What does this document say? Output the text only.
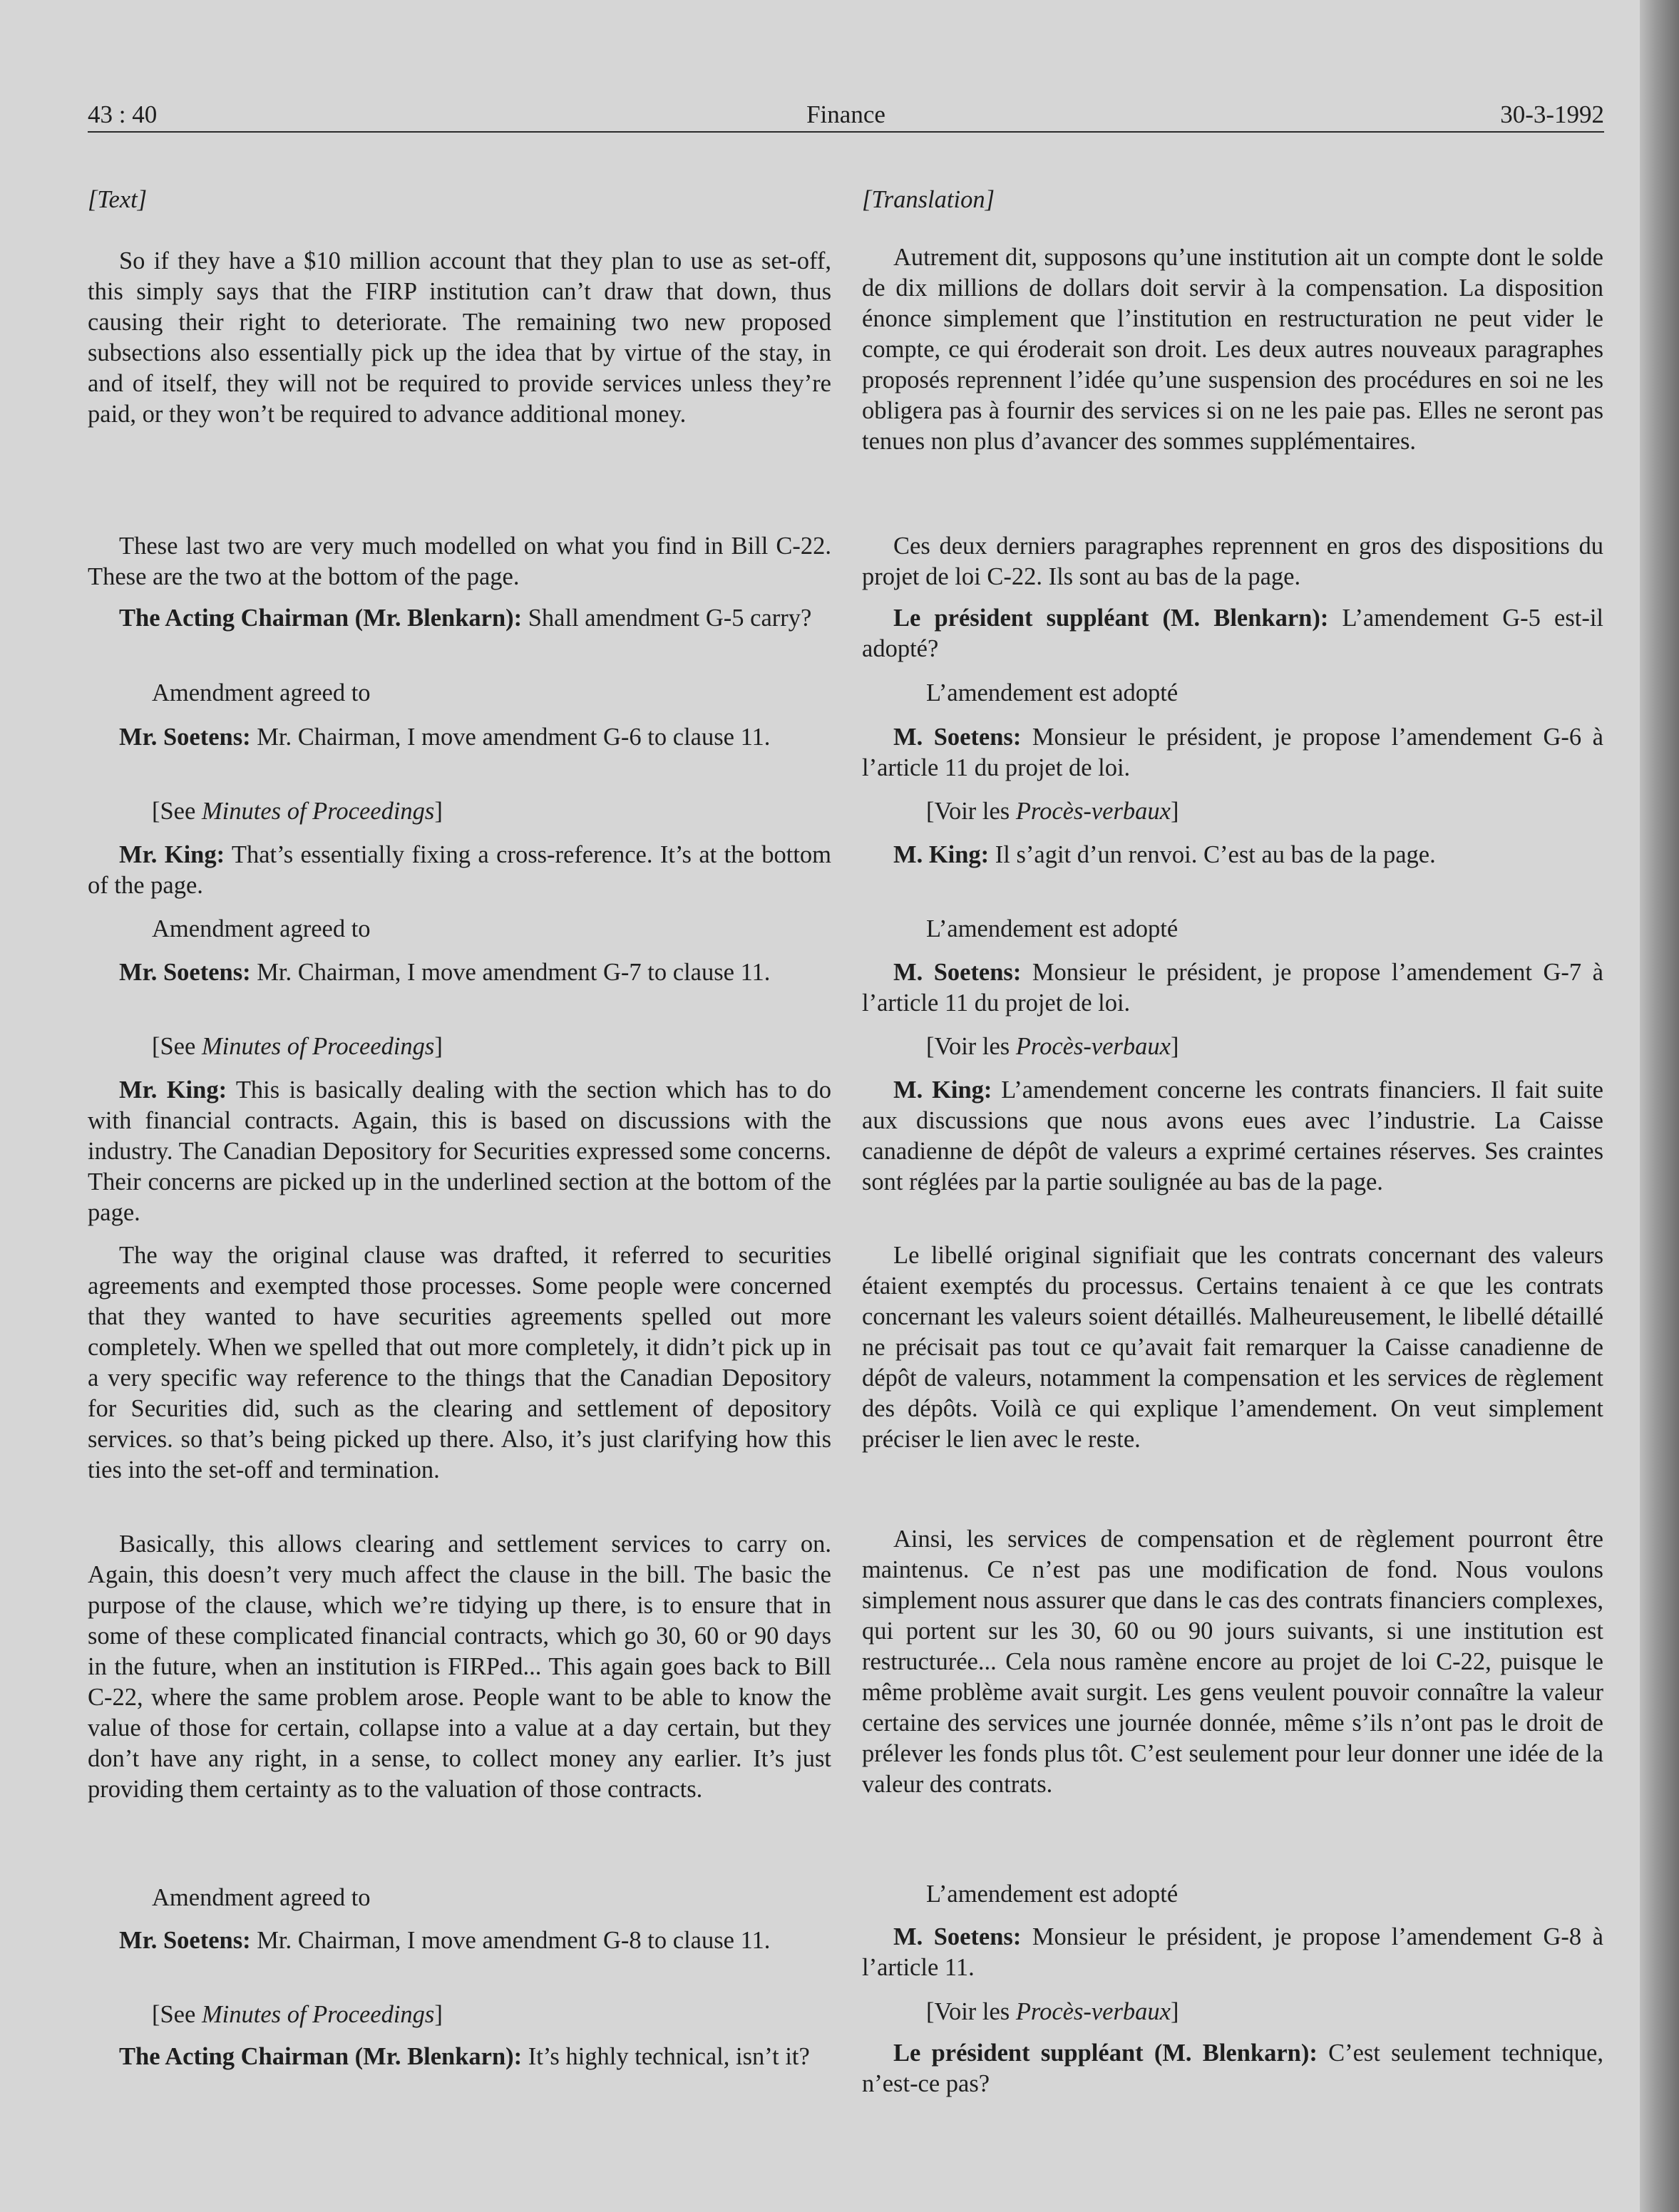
43 : 40	Finance	30-3-1992

[Text]

So if they have a $10 million account that they plan to use as set-off, this simply says that the FIRP institution can’t draw that down, thus causing their right to deteriorate. The remaining two new proposed subsections also essentially pick up the idea that by virtue of the stay, in and of itself, they will not be required to provide services unless they’re paid, or they won’t be required to advance additional money.

These last two are very much modelled on what you find in Bill C-22. These are the two at the bottom of the page.

The Acting Chairman (Mr. Blenkarn): Shall amendment G-5 carry?

Amendment agreed to

Mr. Soetens: Mr. Chairman, I move amendment G-6 to clause 11.

[See Minutes of Proceedings]

Mr. King: That’s essentially fixing a cross-reference. It’s at the bottom of the page.

Amendment agreed to

Mr. Soetens: Mr. Chairman, I move amendment G-7 to clause 11.

[See Minutes of Proceedings]

Mr. King: This is basically dealing with the section which has to do with financial contracts. Again, this is based on discussions with the industry. The Canadian Depository for Securities expressed some concerns. Their concerns are picked up in the underlined section at the bottom of the page.

The way the original clause was drafted, it referred to securities agreements and exempted those processes. Some people were concerned that they wanted to have securities agreements spelled out more completely. When we spelled that out more completely, it didn’t pick up in a very specific way reference to the things that the Canadian Depository for Securities did, such as the clearing and settlement of depository services. so that’s being picked up there. Also, it’s just clarifying how this ties into the set-off and termination.

Basically, this allows clearing and settlement services to carry on. Again, this doesn’t very much affect the clause in the bill. The basic the purpose of the clause, which we’re tidying up there, is to ensure that in some of these complicated financial contracts, which go 30, 60 or 90 days in the future, when an institution is FIRPed... This again goes back to Bill C-22, where the same problem arose. People want to be able to know the value of those for certain, collapse into a value at a day certain, but they don’t have any right, in a sense, to collect money any earlier. It’s just providing them certainty as to the valuation of those contracts.

Amendment agreed to

Mr. Soetens: Mr. Chairman, I move amendment G-8 to clause 11.

[See Minutes of Proceedings]

The Acting Chairman (Mr. Blenkarn): It’s highly technical, isn’t it?

[Translation]

Autrement dit, supposons qu’une institution ait un compte dont le solde de dix millions de dollars doit servir à la compensation. La disposition énonce simplement que l’institution en restructuration ne peut vider le compte, ce qui éroderait son droit. Les deux autres nouveaux paragraphes proposés reprennent l’idée qu’une suspension des procédures en soi ne les obligera pas à fournir des services si on ne les paie pas. Elles ne seront pas tenues non plus d’avancer des sommes supplémentaires.

Ces deux derniers paragraphes reprennent en gros des dispositions du projet de loi C-22. Ils sont au bas de la page.

Le président suppléant (M. Blenkarn): L’amendement G-5 est-il adopté?

L’amendement est adopté

M. Soetens: Monsieur le président, je propose l’amendement G-6 à l’article 11 du projet de loi.

[Voir les Procès-verbaux]

M. King: Il s’agit d’un renvoi. C’est au bas de la page.

L’amendement est adopté

M. Soetens: Monsieur le président, je propose l’amendement G-7 à l’article 11 du projet de loi.

[Voir les Procès-verbaux]

M. King: L’amendement concerne les contrats financiers. Il fait suite aux discussions que nous avons eues avec l’industrie. La Caisse canadienne de dépôt de valeurs a exprimé certaines réserves. Ses craintes sont réglées par la partie soulignée au bas de la page.

Le libellé original signifiait que les contrats concernant des valeurs étaient exemptés du processus. Certains tenaient à ce que les contrats concernant les valeurs soient détaillés. Malheureusement, le libellé détaillé ne précisait pas tout ce qu’avait fait remarquer la Caisse canadienne de dépôt de valeurs, notamment la compensation et les services de règlement des dépôts. Voilà ce qui explique l’amendement. On veut simplement préciser le lien avec le reste.

Ainsi, les services de compensation et de règlement pourront être maintenus. Ce n’est pas une modification de fond. Nous voulons simplement nous assurer que dans le cas des contrats financiers complexes, qui portent sur les 30, 60 ou 90 jours suivants, si une institution est restructurée... Cela nous ramène encore au projet de loi C-22, puisque le même problème avait surgit. Les gens veulent pouvoir connaître la valeur certaine des services une journée donnée, même s’ils n’ont pas le droit de prélever les fonds plus tôt. C’est seulement pour leur donner une idée de la valeur des contrats.

L’amendement est adopté

M. Soetens: Monsieur le président, je propose l’amendement G-8 à l’article 11.

[Voir les Procès-verbaux]

Le président suppléant (M. Blenkarn): C’est seulement technique, n’est-ce pas?
